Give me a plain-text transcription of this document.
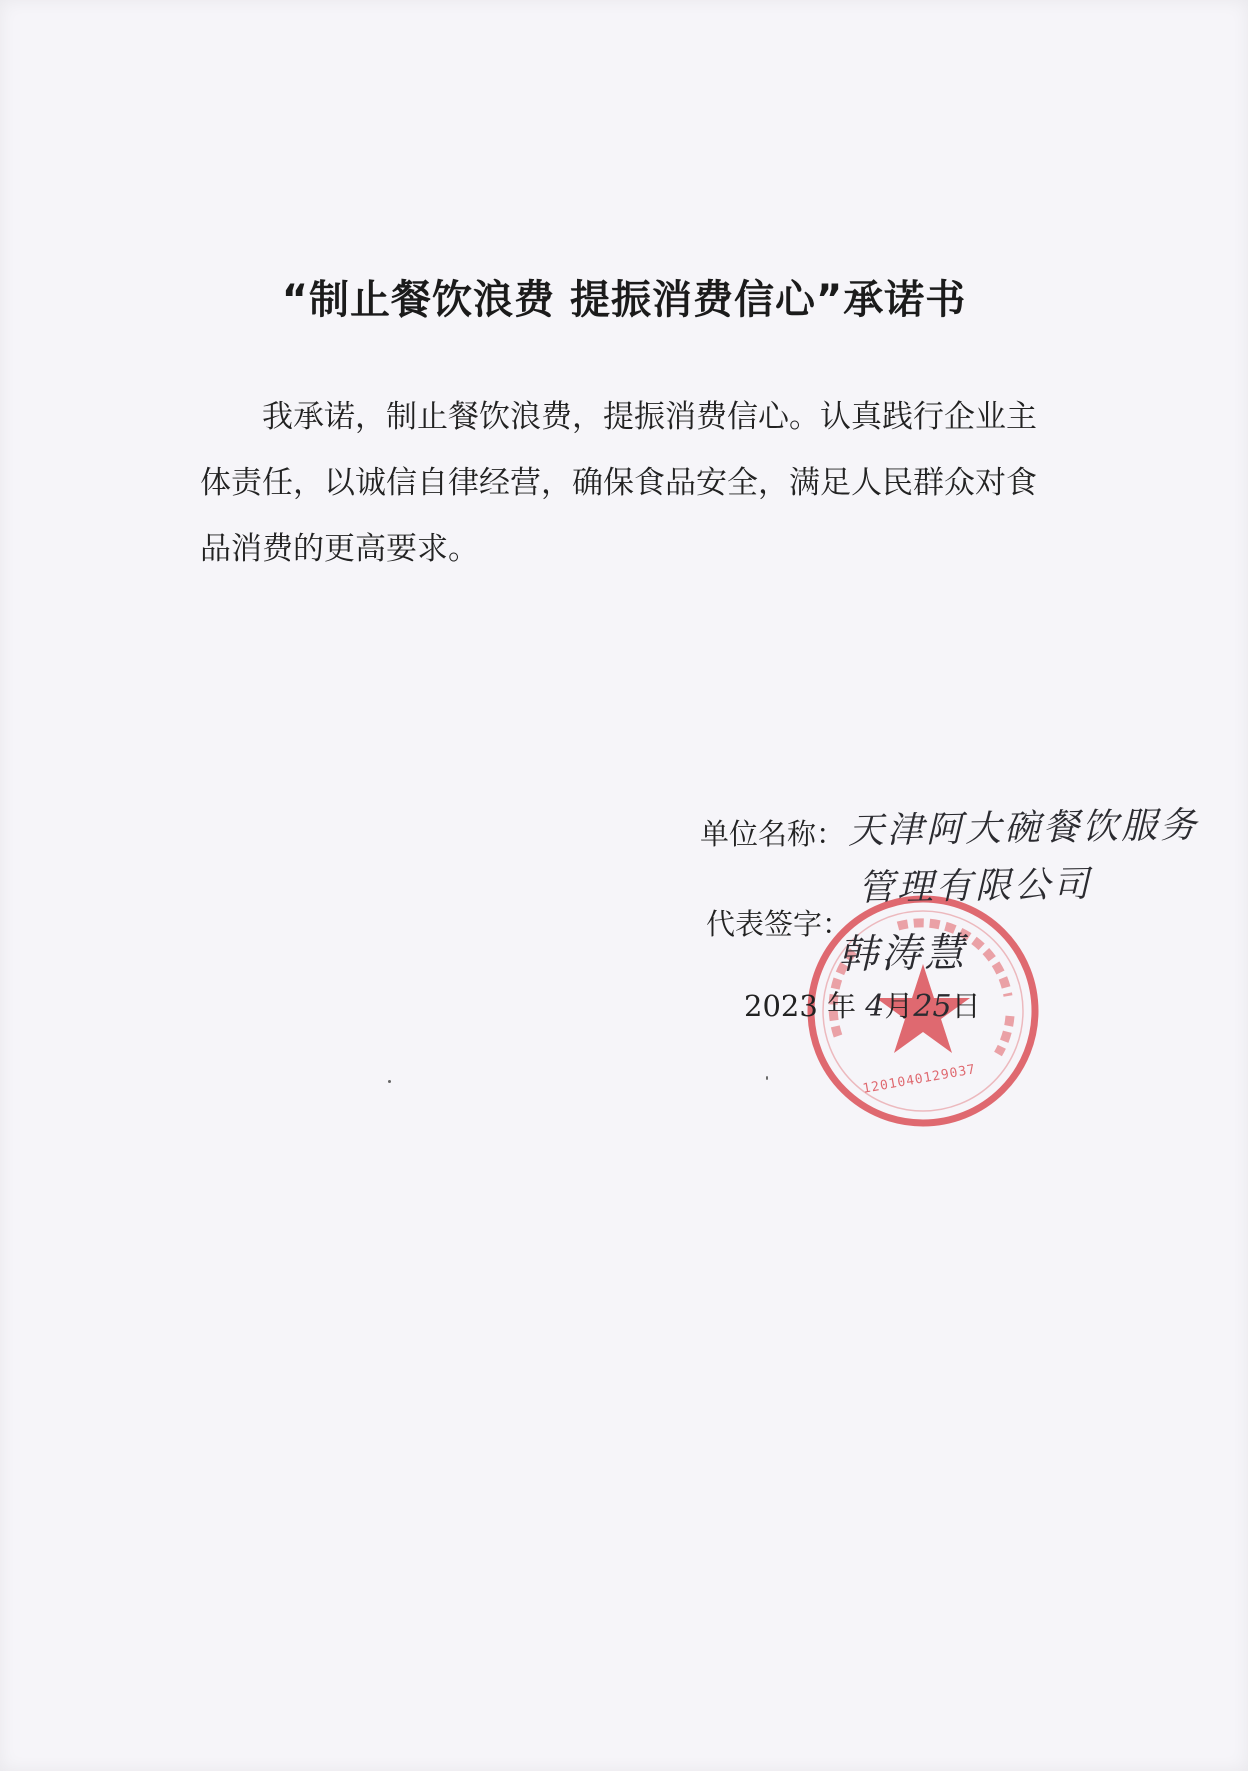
“制止餐饮浪费 提振消费信心”承诺书
我承诺，制止餐饮浪费，提振消费信心。认真践行企业主
体责任，以诚信自律经营，确保食品安全，满足人民群众对食
品消费的更高要求。
1201040129037
单位名称： 天津阿大碗餐饮服务
管理有限公司
代表签字：
韩涛慧
2023 年 4月25日
